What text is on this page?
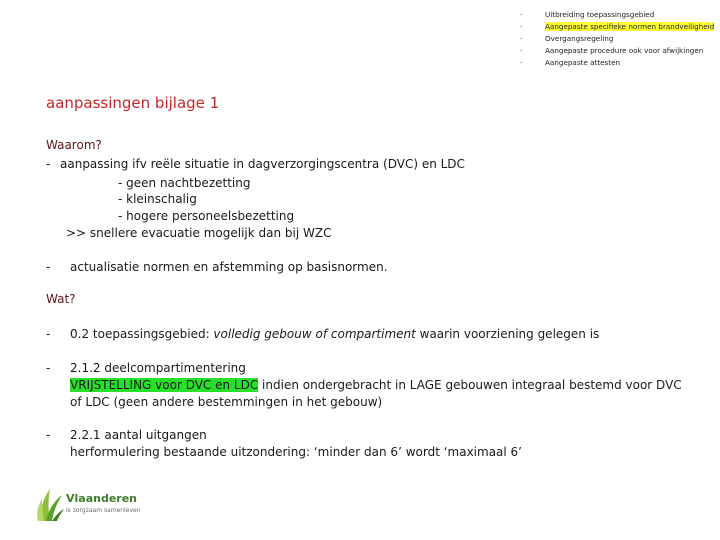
-	Uitbreiding toepassingsgebied
-	Aangepaste specifieke normen brandveiligheid
-	Overgangsregeling
-	Aangepaste procedure ook voor afwijkingen
-	Aangepaste attesten
aanpassingen bijlage 1
Waarom?
- aanpassing ifv reële situatie in dagverzorgingscentra (DVC) en LDC
- geen nachtbezetting
- kleinschalig
- hogere personeelsbezetting
>> snellere evacuatie mogelijk dan bij WZC
- actualisatie normen en afstemming op basisnormen.
Wat?
- 0.2 toepassingsgebied: volledig gebouw of compartiment waarin voorziening gelegen is
- 2.1.2 deelcompartimentering
VRIJSTELLING voor DVC en LDC indien ondergebracht in LAGE gebouwen integraal bestemd voor DVC
of LDC (geen andere bestemmingen in het gebouw)
- 2.2.1 aantal uitgangen
herformulering bestaande uitzondering: ‘minder dan 6’ wordt ‘maximaal 6’
Vlaanderen
is zorgzaam samenleven
